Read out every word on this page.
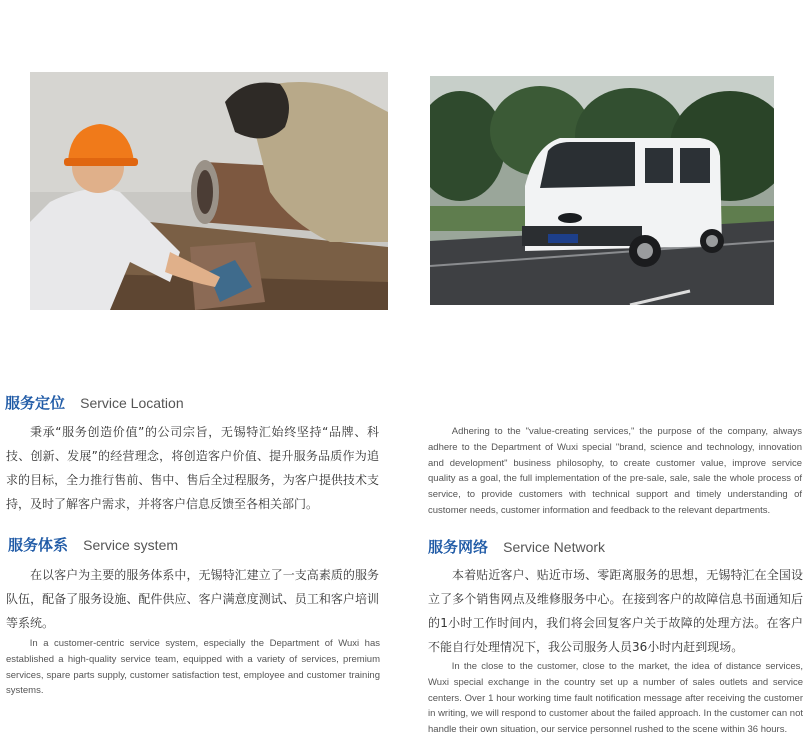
服务定位 Service Location

秉承“服务创造价值”的公司宗旨，无锡特汇始终坚持“品牌、科技、创新、发展”的经营理念，将创造客户价值、提升服务品质作为追求的目标，全力推行售前、售中、售后全过程服务，为客户提供技术支持，及时了解客户需求，并将客户信息反馈至各相关部门。

Adhering to the "value-creating services," the purpose of the company, always adhere to the Department of Wuxi special "brand, science and technology, innovation and development" business philosophy, to create customer value, improve service quality as a goal, the full implementation of the pre-sale, sale, sale the whole process of service, to provide customers with technical support and timely understanding of customer needs, customer information and feedback to the relevant departments.

服务体系 Service system

在以客户为主要的服务体系中，无锡特汇建立了一支高素质的服务队伍，配备了服务设施、配件供应、客户满意度测试、员工和客户培训等系统。

In a customer-centric service system, especially the Department of Wuxi has established a high-quality service team, equipped with a variety of services, premium services, spare parts supply, customer satisfaction test, employee and customer training systems.

服务网络 Service Network

本着贴近客户、贴近市场、零距离服务的思想，无锡特汇在全国设立了多个销售网点及维修服务中心。在接到客户的故障信息书面通知后的1小时工作时间内，我们将会回复客户关于故障的处理方法。在客户不能自行处理情况下，我公司服务人员36小时内赶到现场。

In the close to the customer, close to the market, the idea of distance services, Wuxi special exchange in the country set up a number of sales outlets and service centers. Over 1 hour working time fault notification message after receiving the customer in writing, we will respond to customer about the failed approach. In the customer can not handle their own situation, our service personnel rushed to the scene within 36 hours.
